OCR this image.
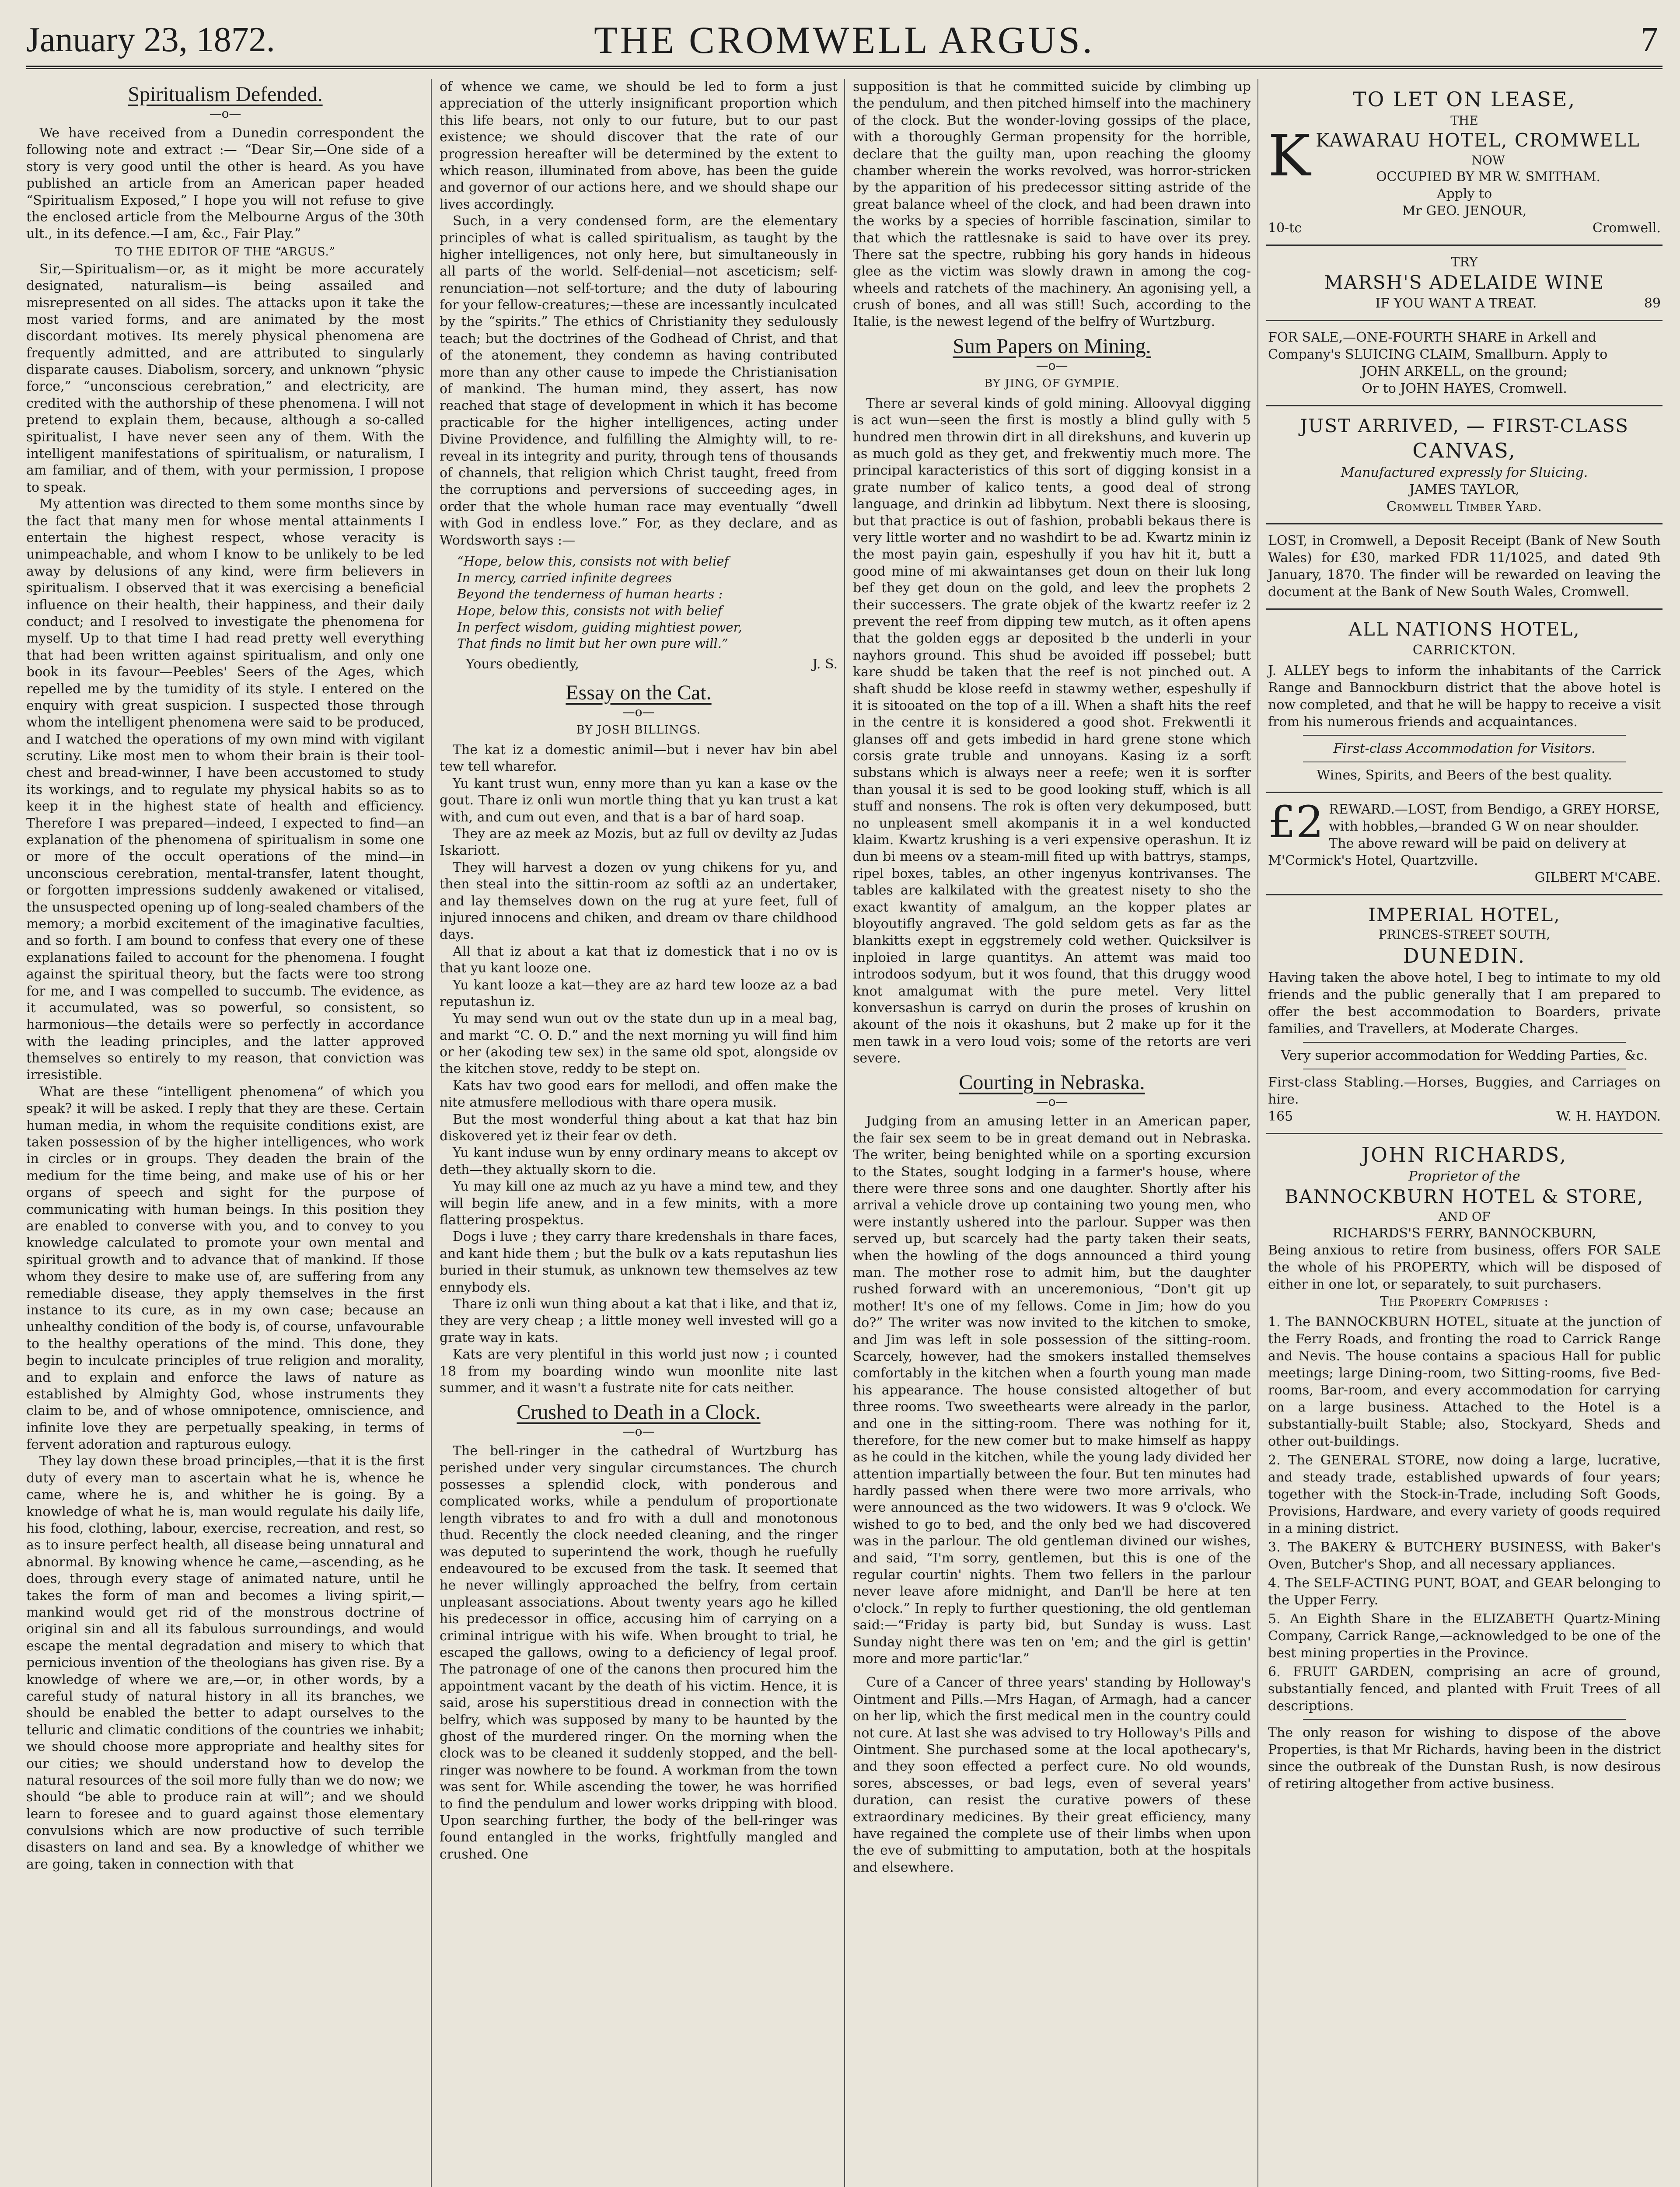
January 23, 1872.	THE CROMWELL ARGUS.	7
Spiritualism Defended.
—o—

We have received from a Dunedin correspondent the following note and extract :— “Dear Sir,—One side of a story is very good until the other is heard. As you have published an article from an American paper headed “Spiritualism Exposed,” I hope you will not refuse to give the enclosed article from the Melbourne Argus of the 30th ult., in its defence.—I am, &c., Fair Play.”

TO THE EDITOR OF THE “ARGUS.”

Sir,—Spiritualism—or, as it might be more accurately designated, naturalism—is being assailed and misrepresented on all sides. The attacks upon it take the most varied forms, and are animated by the most discordant motives. Its merely physical phenomena are frequently admitted, and are attributed to singularly disparate causes. Diabolism, sorcery, and unknown “physic force,” “unconscious cerebration,” and electricity, are credited with the authorship of these phenomena. I will not pretend to explain them, because, although a so-called spiritualist, I have never seen any of them. With the intelligent manifestations of spiritualism, or naturalism, I am familiar, and of them, with your permission, I propose to speak.

My attention was directed to them some months since by the fact that many men for whose mental attainments I entertain the highest respect, whose veracity is unimpeachable, and whom I know to be unlikely to be led away by delusions of any kind, were firm believers in spiritualism. I observed that it was exercising a beneficial influence on their health, their happiness, and their daily conduct; and I resolved to investigate the phenomena for myself. Up to that time I had read pretty well everything that had been written against spiritualism, and only one book in its favour—Peebles' Seers of the Ages, which repelled me by the tumidity of its style. I entered on the enquiry with great suspicion. I suspected those through whom the intelligent phenomena were said to be produced, and I watched the operations of my own mind with vigilant scrutiny. Like most men to whom their brain is their tool-chest and bread-winner, I have been accustomed to study its workings, and to regulate my physical habits so as to keep it in the highest state of health and efficiency. Therefore I was prepared—indeed, I expected to find—an explanation of the phenomena of spiritualism in some one or more of the occult operations of the mind—in unconscious cerebration, mental-transfer, latent thought, or forgotten impressions suddenly awakened or vitalised, the unsuspected opening up of long-sealed chambers of the memory; a morbid excitement of the imaginative faculties, and so forth. I am bound to confess that every one of these explanations failed to account for the phenomena. I fought against the spiritual theory, but the facts were too strong for me, and I was compelled to succumb. The evidence, as it accumulated, was so powerful, so consistent, so harmonious—the details were so perfectly in accordance with the leading principles, and the latter approved themselves so entirely to my reason, that conviction was irresistible.

What are these “intelligent phenomena” of which you speak? it will be asked. I reply that they are these. Certain human media, in whom the requisite conditions exist, are taken possession of by the higher intelligences, who work in circles or in groups. They deaden the brain of the medium for the time being, and make use of his or her organs of speech and sight for the purpose of communicating with human beings. In this position they are enabled to converse with you, and to convey to you knowledge calculated to promote your own mental and spiritual growth and to advance that of mankind. If those whom they desire to make use of, are suffering from any remediable disease, they apply themselves in the first instance to its cure, as in my own case; because an unhealthy condition of the body is, of course, unfavourable to the healthy operations of the mind. This done, they begin to inculcate principles of true religion and morality, and to explain and enforce the laws of nature as established by Almighty God, whose instruments they claim to be, and of whose omnipotence, omniscience, and infinite love they are perpetually speaking, in terms of fervent adoration and rapturous eulogy.

They lay down these broad principles,—that it is the first duty of every man to ascertain what he is, whence he came, where he is, and whither he is going. By a knowledge of what he is, man would regulate his daily life, his food, clothing, labour, exercise, recreation, and rest, so as to insure perfect health, all disease being unnatural and abnormal. By knowing whence he came,—ascending, as he does, through every stage of animated nature, until he takes the form of man and becomes a living spirit,—mankind would get rid of the monstrous doctrine of original sin and all its fabulous surroundings, and would escape the mental degradation and misery to which that pernicious invention of the theologians has given rise. By a knowledge of where we are,—or, in other words, by a careful study of natural history in all its branches, we should be enabled the better to adapt ourselves to the telluric and climatic conditions of the countries we inhabit; we should choose more appropriate and healthy sites for our cities; we should understand how to develop the natural resources of the soil more fully than we do now; we should “be able to produce rain at will”; and we should learn to foresee and to guard against those elementary convulsions which are now productive of such terrible disasters on land and sea. By a knowledge of whither we are going, taken in connection with that

of whence we came, we should be led to form a just appreciation of the utterly insignificant proportion which this life bears, not only to our future, but to our past existence; we should discover that the rate of our progression hereafter will be determined by the extent to which reason, illuminated from above, has been the guide and governor of our actions here, and we should shape our lives accordingly.

Such, in a very condensed form, are the elementary principles of what is called spiritualism, as taught by the higher intelligences, not only here, but simultaneously in all parts of the world. Self-denial—not asceticism; self-renunciation—not self-torture; and the duty of labouring for your fellow-creatures;—these are incessantly inculcated by the “spirits.” The ethics of Christianity they sedulously teach; but the doctrines of the Godhead of Christ, and that of the atonement, they condemn as having contributed more than any other cause to impede the Christianisation of mankind. The human mind, they assert, has now reached that stage of development in which it has become practicable for the higher intelligences, acting under Divine Providence, and fulfilling the Almighty will, to re-reveal in its integrity and purity, through tens of thousands of channels, that religion which Christ taught, freed from the corruptions and perversions of succeeding ages, in order that the whole human race may eventually “dwell with God in endless love.” For, as they declare, and as Wordsworth says :—

“Hope, below this, consists not with belief
In mercy, carried infinite degrees
Beyond the tenderness of human hearts :
Hope, below this, consists not with belief
In perfect wisdom, guiding mightiest power,
That finds no limit but her own pure will.”
Yours obediently,	J. S.
Essay on the Cat.
—o—
BY JOSH BILLINGS.

The kat iz a domestic animil—but i never hav bin abel tew tell wharefor.

Yu kant trust wun, enny more than yu kan a kase ov the gout. Thare iz onli wun mortle thing that yu kan trust a kat with, and cum out even, and that is a bar of hard soap.

They are az meek az Mozis, but az full ov devilty az Judas Iskariott.

They will harvest a dozen ov yung chikens for yu, and then steal into the sittin-room az softli az an undertaker, and lay themselves down on the rug at yure feet, full of injured innocens and chiken, and dream ov thare childhood days.

All that iz about a kat that iz domestick that i no ov is that yu kant looze one.

Yu kant looze a kat—they are az hard tew looze az a bad reputashun iz.

Yu may send wun out ov the state dun up in a meal bag, and markt “C. O. D.” and the next morning yu will find him or her (akoding tew sex) in the same old spot, alongside ov the kitchen stove, reddy to be stept on.

Kats hav two good ears for mellodi, and offen make the nite atmusfere mellodious with thare opera musik.

But the most wonderful thing about a kat that haz bin diskovered yet iz their fear ov deth.

Yu kant induse wun by enny ordinary means to akcept ov deth—they aktually skorn to die.

Yu may kill one az much az yu have a mind tew, and they will begin life anew, and in a few minits, with a more flattering prospektus.

Dogs i luve ; they carry thare kredenshals in thare faces, and kant hide them ; but the bulk ov a kats reputashun lies buried in their stumuk, as unknown tew themselves az tew ennybody els.

Thare iz onli wun thing about a kat that i like, and that iz, they are very cheap ; a little money well invested will go a grate way in kats.

Kats are very plentiful in this world just now ; i counted 18 from my boarding windo wun moonlite nite last summer, and it wasn't a fustrate nite for cats neither.

Crushed to Death in a Clock.
—o—

The bell-ringer in the cathedral of Wurtzburg has perished under very singular circumstances. The church possesses a splendid clock, with ponderous and complicated works, while a pendulum of proportionate length vibrates to and fro with a dull and monotonous thud. Recently the clock needed cleaning, and the ringer was deputed to superintend the work, though he ruefully endeavoured to be excused from the task. It seemed that he never willingly approached the belfry, from certain unpleasant associations. About twenty years ago he killed his predecessor in office, accusing him of carrying on a criminal intrigue with his wife. When brought to trial, he escaped the gallows, owing to a deficiency of legal proof. The patronage of one of the canons then procured him the appointment vacant by the death of his victim. Hence, it is said, arose his superstitious dread in connection with the belfry, which was supposed by many to be haunted by the ghost of the murdered ringer. On the morning when the clock was to be cleaned it suddenly stopped, and the bell-ringer was nowhere to be found. A workman from the town was sent for. While ascending the tower, he was horrified to find the pendulum and lower works dripping with blood. Upon searching further, the body of the bell-ringer was found entangled in the works, frightfully mangled and crushed. One

supposition is that he committed suicide by climbing up the pendulum, and then pitched himself into the machinery of the clock. But the wonder-loving gossips of the place, with a thoroughly German propensity for the horrible, declare that the guilty man, upon reaching the gloomy chamber wherein the works revolved, was horror-stricken by the apparition of his predecessor sitting astride of the great balance wheel of the clock, and had been drawn into the works by a species of horrible fascination, similar to that which the rattlesnake is said to have over its prey. There sat the spectre, rubbing his gory hands in hideous glee as the victim was slowly drawn in among the cog-wheels and ratchets of the machinery. An agonising yell, a crush of bones, and all was still! Such, according to the Italie, is the newest legend of the belfry of Wurtzburg.

Sum Papers on Mining.
—o—
BY JING, OF GYMPIE.

There ar several kinds of gold mining. Alloovyal digging is act wun—seen the first is mostly a blind gully with 5 hundred men throwin dirt in all direkshuns, and kuverin up as much gold as they get, and frekwentiy much more. The principal karacteristics of this sort of digging konsist in a grate number of kalico tents, a good deal of strong language, and drinkin ad libbytum. Next there is sloosing, but that practice is out of fashion, probabli bekaus there is very little worter and no washdirt to be ad. Kwartz minin iz the most payin gain, espeshully if you hav hit it, butt a good mine of mi akwaintanses get doun on their luk long bef they get doun on the gold, and leev the prophets 2 their successers. The grate objek of the kwartz reefer iz 2 prevent the reef from dipping tew mutch, as it often apens that the golden eggs ar deposited b the underli in your nayhors ground. This shud be avoided iff possebel; butt kare shudd be taken that the reef is not pinched out. A shaft shudd be klose reefd in stawmy wether, espeshully if it is sitooated on the top of a ill. When a shaft hits the reef in the centre it is konsidered a good shot. Frekwentli it glanses off and gets imbedid in hard grene stone which corsis grate truble and unnoyans. Kasing iz a sorft substans which is always neer a reefe; wen it is sorfter than yousal it is sed to be good looking stuff, which is all stuff and nonsens. The rok is often very dekumposed, butt no unpleasent smell akompanis it in a wel konducted klaim. Kwartz krushing is a veri expensive operashun. It iz dun bi meens ov a steam-mill fited up with battrys, stamps, ripel boxes, tables, an other ingenyus kontrivanses. The tables are kalkilated with the greatest nisety to sho the exact kwantity of amalgum, an the kopper plates ar bloyoutifly angraved. The gold seldom gets as far as the blankitts exept in eggstremely cold wether. Quicksilver is inploied in large quantitys. An attemt was maid too introdoos sodyum, but it wos found, that this druggy wood knot amalgumat with the pure metel. Very littel konversashun is carryd on durin the proses of krushin on akount of the nois it okashuns, but 2 make up for it the men tawk in a vero loud vois; some of the retorts are veri severe.

Courting in Nebraska.
—o—

Judging from an amusing letter in an American paper, the fair sex seem to be in great demand out in Nebraska. The writer, being benighted while on a sporting excursion to the States, sought lodging in a farmer's house, where there were three sons and one daughter. Shortly after his arrival a vehicle drove up containing two young men, who were instantly ushered into the parlour. Supper was then served up, but scarcely had the party taken their seats, when the howling of the dogs announced a third young man. The mother rose to admit him, but the daughter rushed forward with an unceremonious, “Don't git up mother! It's one of my fellows. Come in Jim; how do you do?” The writer was now invited to the kitchen to smoke, and Jim was left in sole possession of the sitting-room. Scarcely, however, had the smokers installed themselves comfortably in the kitchen when a fourth young man made his appearance. The house consisted altogether of but three rooms. Two sweethearts were already in the parlor, and one in the sitting-room. There was nothing for it, therefore, for the new comer but to make himself as happy as he could in the kitchen, while the young lady divided her attention impartially between the four. But ten minutes had hardly passed when there were two more arrivals, who were announced as the two widowers. It was 9 o'clock. We wished to go to bed, and the only bed we had discovered was in the parlour. The old gentleman divined our wishes, and said, “I'm sorry, gentlemen, but this is one of the regular courtin' nights. Them two fellers in the parlour never leave afore midnight, and Dan'll be here at ten o'clock.” In reply to further questioning, the old gentleman said:—“Friday is party bid, but Sunday is wuss. Last Sunday night there was ten on 'em; and the girl is gettin' more and more partic'lar.”

Cure of a Cancer of three years' standing by Holloway's Ointment and Pills.—Mrs Hagan, of Armagh, had a cancer on her lip, which the first medical men in the country could not cure. At last she was advised to try Holloway's Pills and Ointment. She purchased some at the local apothecary's, and they soon effected a perfect cure. No old wounds, sores, abscesses, or bad legs, even of several years' duration, can resist the curative powers of these extraordinary medicines. By their great efficiency, many have regained the complete use of their limbs when upon the eve of submitting to amputation, both at the hospitals and elsewhere.

TO LET ON LEASE,
THE
K KAWARAU HOTEL, CROMWELL
NOW
OCCUPIED BY MR W. SMITHAM.
Apply to
Mr GEO. JENOUR,
10-tc	Cromwell.
TRY
MARSH'S ADELAIDE WINE
IF YOU WANT A TREAT.	89
FOR SALE,—ONE-FOURTH SHARE in Arkell and Company's SLUICING CLAIM, Smallburn. Apply to
JOHN ARKELL, on the ground;
Or to JOHN HAYES, Cromwell.
JUST ARRIVED, — FIRST-CLASS
CANVAS,
Manufactured expressly for Sluicing.
JAMES TAYLOR,
Cromwell Timber Yard.
LOST, in Cromwell, a Deposit Receipt (Bank of New South Wales) for £30, marked FDR 11/1025, and dated 9th January, 1870. The finder will be rewarded on leaving the document at the Bank of New South Wales, Cromwell.
ALL NATIONS HOTEL,
CARRICKTON.
J. ALLEY begs to inform the inhabitants of the Carrick Range and Bannockburn district that the above hotel is now completed, and that he will be happy to receive a visit from his numerous friends and acquaintances.
First-class Accommodation for Visitors.
Wines, Spirits, and Beers of the best quality.
£2 REWARD.—LOST, from Bendigo, a GREY HORSE, with hobbles,—branded G W on near shoulder. The above reward will be paid on delivery at M'Cormick's Hotel, Quartzville.
GILBERT M'CABE.
IMPERIAL HOTEL,
PRINCES-STREET SOUTH,
DUNEDIN.
Having taken the above hotel, I beg to intimate to my old friends and the public generally that I am prepared to offer the best accommodation to Boarders, private families, and Travellers, at Moderate Charges.
Very superior accommodation for Wedding Parties, &c.
First-class Stabling.—Horses, Buggies, and Carriages on hire.
165	W. H. HAYDON.
JOHN RICHARDS,
Proprietor of the
BANNOCKBURN HOTEL & STORE,
AND OF
RICHARDS'S FERRY, BANNOCKBURN,
Being anxious to retire from business, offers FOR SALE the whole of his PROPERTY, which will be disposed of either in one lot, or separately, to suit purchasers.
The Property Comprises :
1. The BANNOCKBURN HOTEL, situate at the junction of the Ferry Roads, and fronting the road to Carrick Range and Nevis. The house contains a spacious Hall for public meetings; large Dining-room, two Sitting-rooms, five Bed-rooms, Bar-room, and every accommodation for carrying on a large business. Attached to the Hotel is a substantially-built Stable; also, Stockyard, Sheds and other out-buildings.
2. The GENERAL STORE, now doing a large, lucrative, and steady trade, established upwards of four years; together with the Stock-in-Trade, including Soft Goods, Provisions, Hardware, and every variety of goods required in a mining district.
3. The BAKERY & BUTCHERY BUSINESS, with Baker's Oven, Butcher's Shop, and all necessary appliances.
4. The SELF-ACTING PUNT, BOAT, and GEAR belonging to the Upper Ferry.
5. An Eighth Share in the ELIZABETH Quartz-Mining Company, Carrick Range,—acknowledged to be one of the best mining properties in the Province.
6. FRUIT GARDEN, comprising an acre of ground, substantially fenced, and planted with Fruit Trees of all descriptions.
The only reason for wishing to dispose of the above Properties, is that Mr Richards, having been in the district since the outbreak of the Dunstan Rush, is now desirous of retiring altogether from active business.
